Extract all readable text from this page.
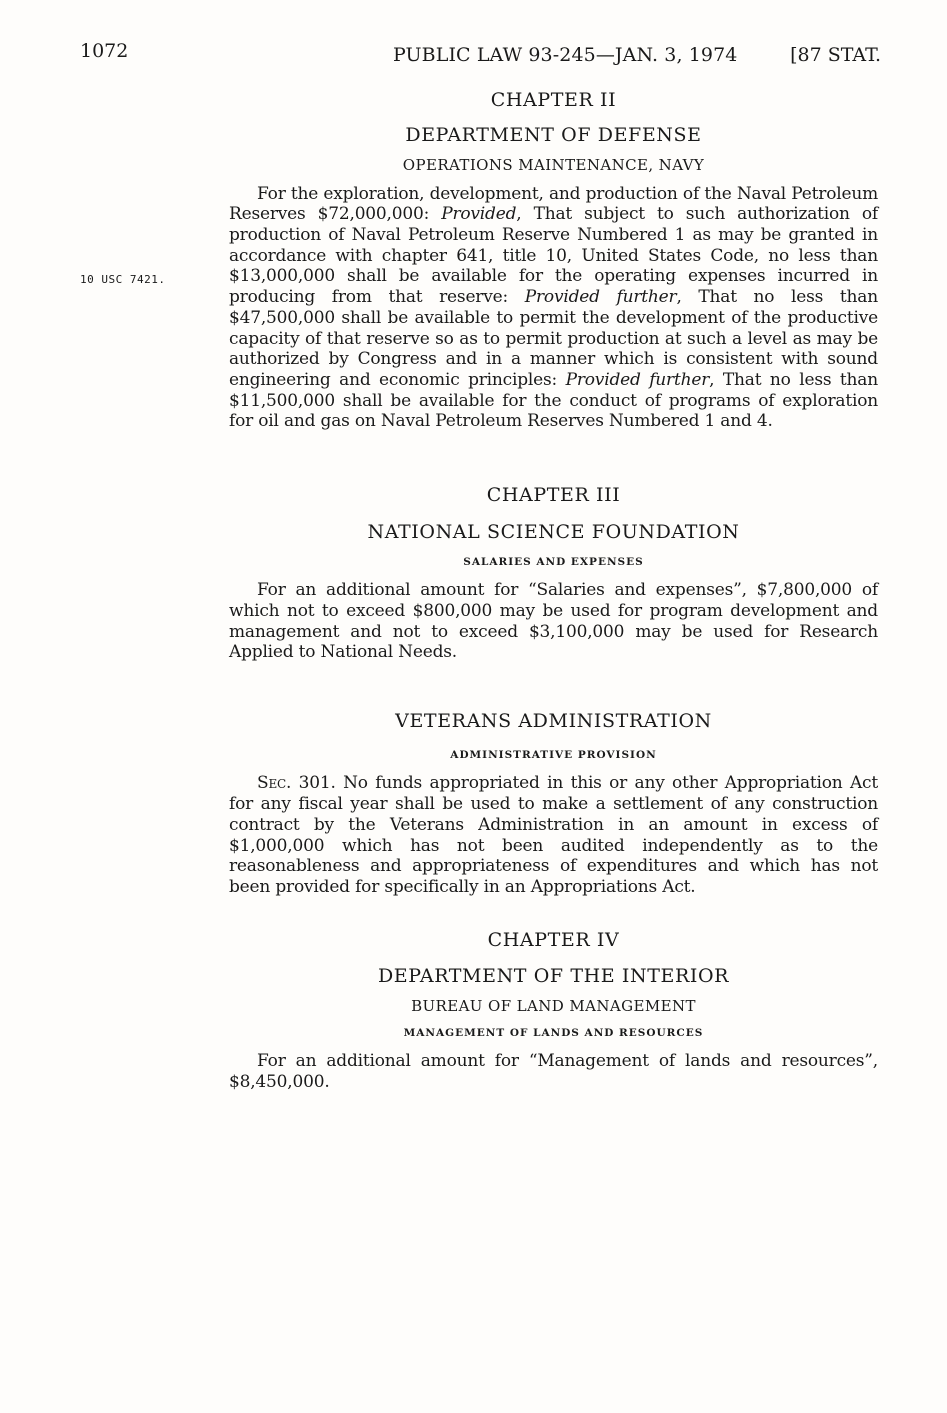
1072	PUBLIC LAW 93-245—JAN. 3, 1974	[87 STAT.
10 USC 7421.
CHAPTER II
DEPARTMENT OF DEFENSE
OPERATIONS MAINTENANCE, NAVY

For the exploration, development, and production of the Naval Petroleum Reserves $72,000,000: Provided, That subject to such authorization of production of Naval Petroleum Reserve Numbered 1 as may be granted in accordance with chapter 641, title 10, United States Code, no less than $13,000,000 shall be available for the operating expenses incurred in producing from that reserve: Provided further, That no less than $47,500,000 shall be available to permit the development of the productive capacity of that reserve so as to permit production at such a level as may be authorized by Congress and in a manner which is consistent with sound engineering and economic principles: Provided further, That no less than $11,500,000 shall be available for the conduct of programs of exploration for oil and gas on Naval Petroleum Reserves Numbered 1 and 4.

CHAPTER III
NATIONAL SCIENCE FOUNDATION
SALARIES AND EXPENSES

For an additional amount for “Salaries and expenses”, $7,800,000 of which not to exceed $800,000 may be used for program development and management and not to exceed $3,100,000 may be used for Research Applied to National Needs.

VETERANS ADMINISTRATION
ADMINISTRATIVE PROVISION

Sec. 301. No funds appropriated in this or any other Appropriation Act for any fiscal year shall be used to make a settlement of any construction contract by the Veterans Administration in an amount in excess of $1,000,000 which has not been audited independently as to the reasonableness and appropriateness of expenditures and which has not been provided for specifically in an Appropriations Act.

CHAPTER IV
DEPARTMENT OF THE INTERIOR
BUREAU OF LAND MANAGEMENT
MANAGEMENT OF LANDS AND RESOURCES

For an additional amount for “Management of lands and resources”, $8,450,000.
